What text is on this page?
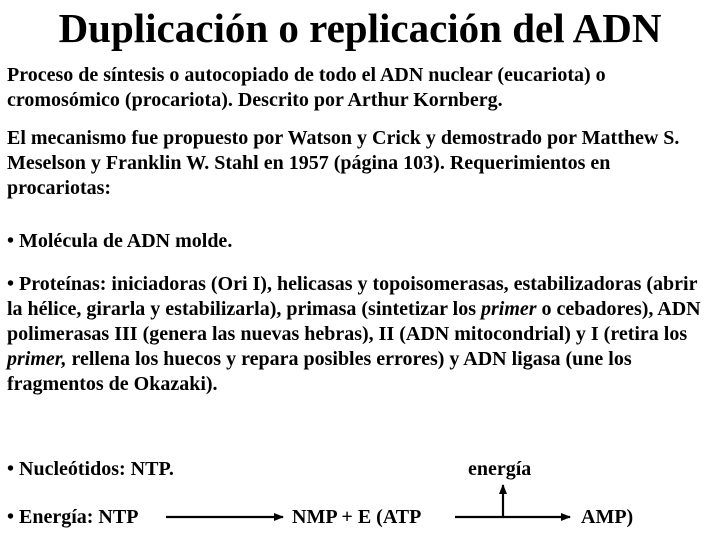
Duplicación o replicación del ADN

Proceso de síntesis o autocopiado de todo el ADN nuclear (eucariota) o cromosómico (procariota). Descrito por Arthur Kornberg.

El mecanismo fue propuesto por Watson y Crick y demostrado por Matthew S. Meselson y Franklin W. Stahl en 1957 (página 103). Requerimientos en procariotas:

• Molécula de ADN molde.

• Proteínas: iniciadoras (Ori I), helicasas y topoisomerasas, estabilizadoras (abrir la hélice, girarla y estabilizarla), primasa (sintetizar los primer o cebadores), ADN polimerasas III (genera las nuevas hebras), II (ADN mitocondrial) y I (retira los primer, rellena los huecos y repara posibles errores) y ADN ligasa (une los fragmentos de Okazaki).

• Nucleótidos: NTP.	energía
• Energía: NTP	NMP + E (ATP	AMP)
